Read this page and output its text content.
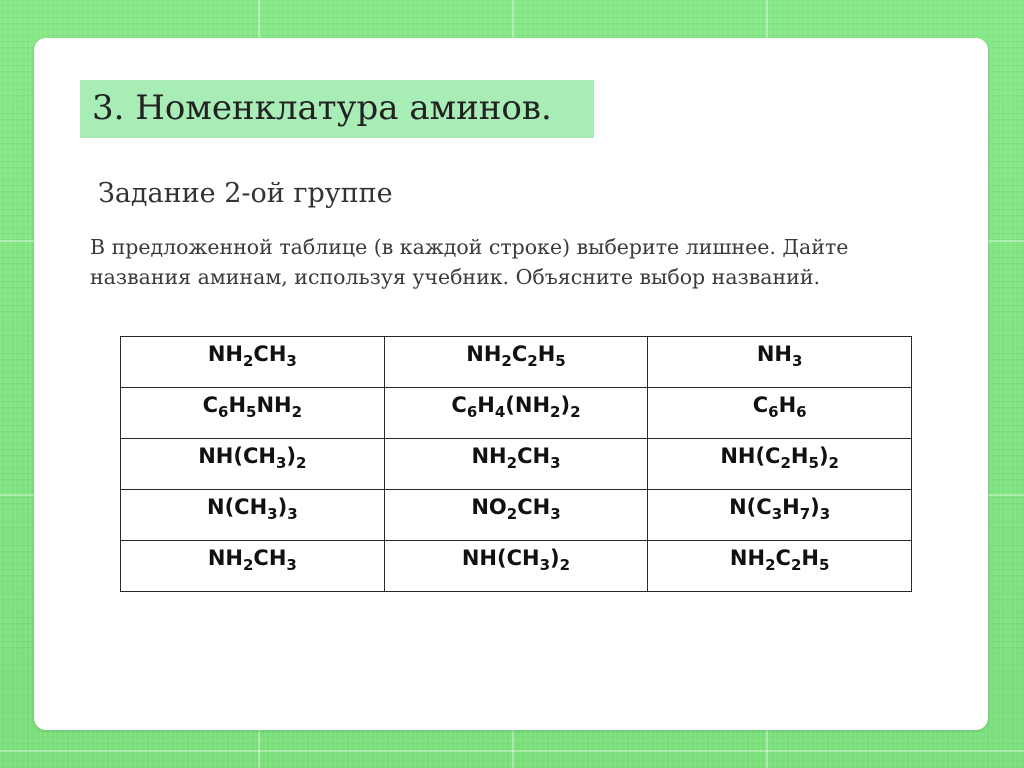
3. Номенклатура аминов.
Задание 2-ой группе
В предложенной таблице (в каждой строке) выберите лишнее. Дайте названия аминам, используя учебник. Объясните выбор названий.
$NH_2CH_3$	$NH_2C_2H_5$	$NH_3$
$C_6H_5NH_2$	$C_6H_4(NH_2)_2$	$C_6H_6$
$NH(CH_3)_2$	$NH_2CH_3$	$NH(C_2H_5)_2$
$N(CH_3)_3$	$NO_2CH_3$	$N(C_3H_7)_3$
$NH_2CH_3$	$NH(CH_3)_2$	$NH_2C_2H_5$
